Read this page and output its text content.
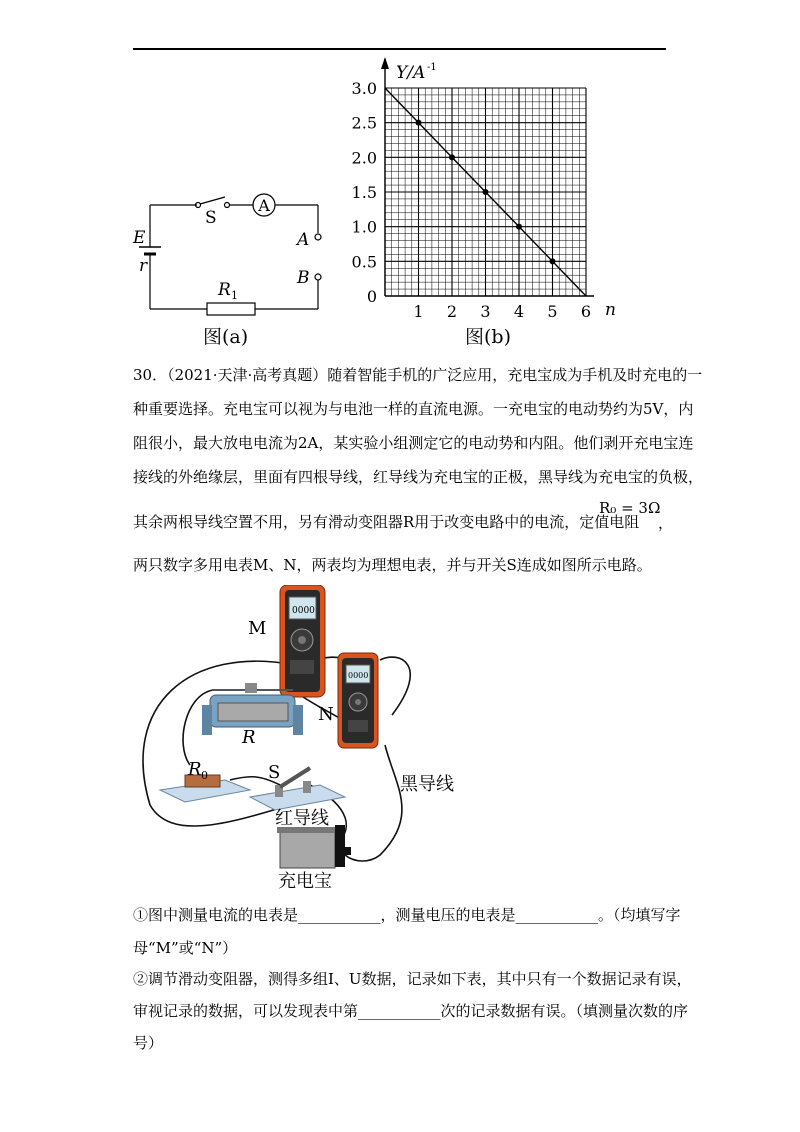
A
S
E
r
A
B
R 1
图(a)
1 2 3 4 5 6
0
0.5
1.0
1.5
2.0
2.5
3.0
Y/A -1
n
图(b)
30．（2021·天津·高考真题）随着智能手机的广泛应用，充电宝成为手机及时充电的一
种重要选择。充电宝可以视为与电池一样的直流电源。一充电宝的电动势约为5V，内
阻很小，最大放电电流为2A，某实验小组测定它的电动势和内阻。他们剥开充电宝连
接线的外绝缘层，里面有四根导线，红导线为充电宝的正极，黑导线为充电宝的负极，
其余两根导线空置不用，另有滑动变阻器R用于改变电路中的电流，定值电阻
R₀ = 3Ω
，
两只数字多用电表M、N，两表均为理想电表，并与开关S连成如图所示电路。
0000
0000
M
N
R
R 0	S
黑导线
红导线
充电宝
①图中测量电流的电表是___________，测量电压的电表是___________。（均填写字
母“M”或“N”）
②调节滑动变阻器，测得多组I、U数据，记录如下表，其中只有一个数据记录有误，
审视记录的数据，可以发现表中第___________次的记录数据有误。（填测量次数的序
号）
